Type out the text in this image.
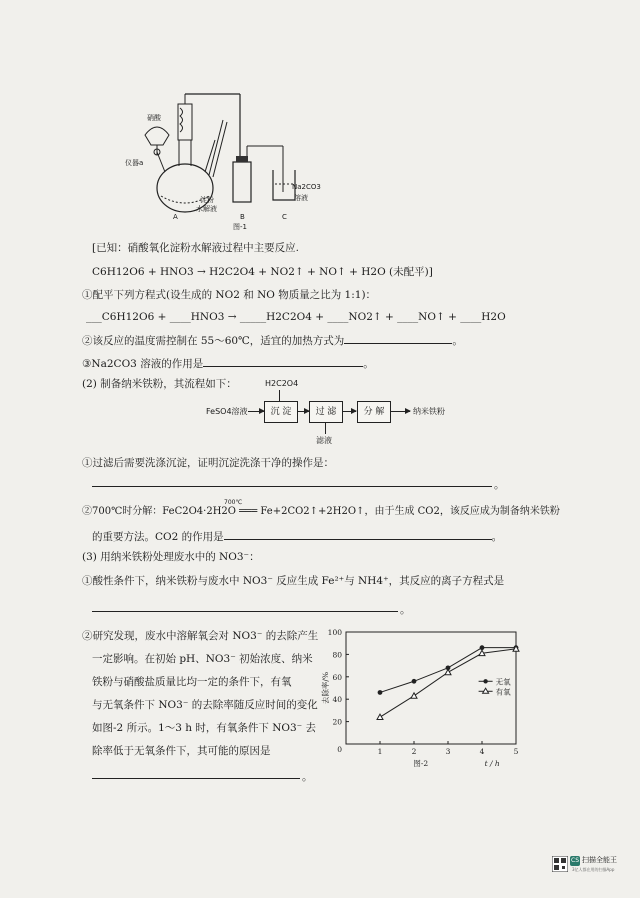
硝酸
仪器a
淀粉
水解液
Na2CO3
溶液
A	B	C
图-1
[已知：硝酸氧化淀粉水解液过程中主要反应.
C6H12O6 + HNO3 → H2C2O4 + NO2↑ + NO↑ + H2O (未配平)]
①配平下列方程式(设生成的 NO2 和 NO 物质量之比为 1:1)：
___C6H12O6 + ____HNO3 → _____H2C2O4 + ____NO2↑ + ____NO↑ + ____H2O
②该反应的温度需控制在 55～60℃，适宜的加热方式为	。
③Na2CO3 溶液的作用是	。
(2) 制备纳米铁粉，其流程如下：	H2C2O4
FeSO4溶液	沉 淀	过 滤	分 解	纳米铁粉
滤液
①过滤后需要洗涤沉淀，证明沉淀洗涤干净的操作是：
。
②700℃时分解：FeC2O4·2H2O ═══ Fe+2CO2↑+2H2O↑，由于生成 CO2，该反应成为制备纳米铁粉
700℃
的重要方法。CO2 的作用是	。
(3) 用纳米铁粉处理废水中的 NO3⁻：
①酸性条件下，纳米铁粉与废水中 NO3⁻ 反应生成 Fe²⁺与 NH4⁺，其反应的离子方程式是
。
②研究发现，废水中溶解氧会对 NO3⁻ 的去除产生
一定影响。在初始 pH、NO3⁻ 初始浓度、纳米
铁粉与硝酸盐质量比均一定的条件下，有氧
与无氧条件下 NO3⁻ 的去除率随反应时间的变化
如图-2 所示。1～3 h 时，有氧条件下 NO3⁻ 去
除率低于无氧条件下，其可能的原因是
。
20
40
60
80
100
0	1	2	3	4	5
去除率/%
t / h
图-2
无氧
有氧
CS 扫描全能王
3亿人都在用的扫描App
